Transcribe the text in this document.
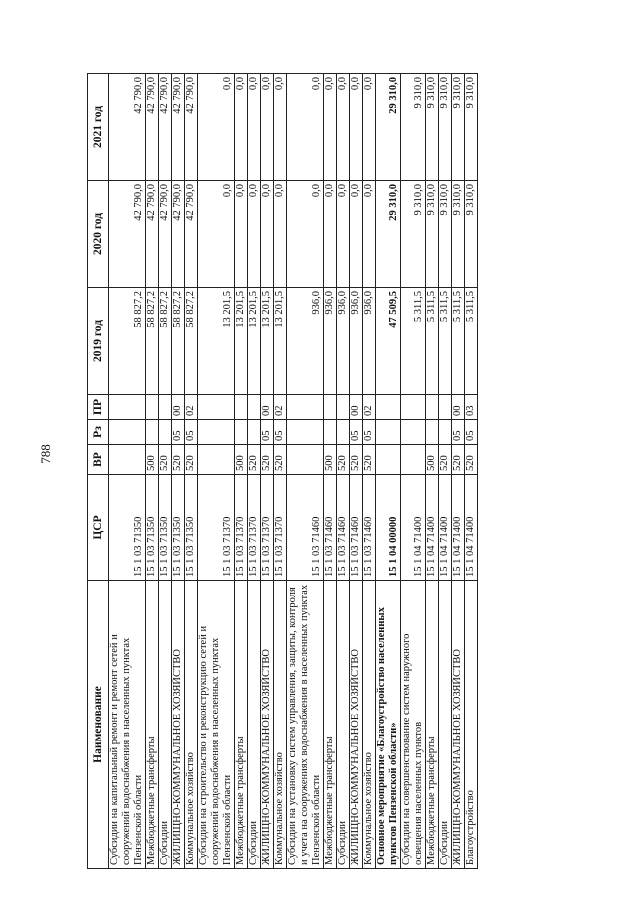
788
Наименование	ЦСР	ВР	Рз	ПР	2019 год	2020 год	2021 год
Субсидии на капитальный ремонт и ремонт сетей и сооружений водоснабжения в населенных пунктах Пензенской области	15 1 03 71350				58 827,2	42 790,0	42 790,0
Межбюджетные трансферты	15 1 03 71350	500			58 827,2	42 790,0	42 790,0
Субсидии	15 1 03 71350	520			58 827,2	42 790,0	42 790,0
ЖИЛИЩНО-КОММУНАЛЬНОЕ ХОЗЯЙСТВО	15 1 03 71350	520	05	00	58 827,2	42 790,0	42 790,0
Коммунальное хозяйство	15 1 03 71350	520	05	02	58 827,2	42 790,0	42 790,0
Субсидии на строительство и реконструкцию сетей и сооружений водоснабжения в населенных пунктах Пензенской области	15 1 03 71370				13 201,5	0,0	0,0
Межбюджетные трансферты	15 1 03 71370	500			13 201,5	0,0	0,0
Субсидии	15 1 03 71370	520			13 201,5	0,0	0,0
ЖИЛИЩНО-КОММУНАЛЬНОЕ ХОЗЯЙСТВО	15 1 03 71370	520	05	00	13 201,5	0,0	0,0
Коммунальное хозяйство	15 1 03 71370	520	05	02	13 201,5	0,0	0,0
Субсидии на установку систем управления, защиты, контроля и учета на сооружениях водоснабжения в населенных пунктах Пензенской области	15 1 03 71460				936,0	0,0	0,0
Межбюджетные трансферты	15 1 03 71460	500			936,0	0,0	0,0
Субсидии	15 1 03 71460	520			936,0	0,0	0,0
ЖИЛИЩНО-КОММУНАЛЬНОЕ ХОЗЯЙСТВО	15 1 03 71460	520	05	00	936,0	0,0	0,0
Коммунальное хозяйство	15 1 03 71460	520	05	02	936,0	0,0	0,0
Основное мероприятие «Благоустройство населенных пунктов Пензенской области»	15 1 04 00000				47 509,5	29 310,0	29 310,0
Субсидии на совершенствование систем наружного освещения населенных пунктов	15 1 04 71400				5 311,5	9 310,0	9 310,0
Межбюджетные трансферты	15 1 04 71400	500			5 311,5	9 310,0	9 310,0
Субсидии	15 1 04 71400	520			5 311,5	9 310,0	9 310,0
ЖИЛИЩНО-КОММУНАЛЬНОЕ ХОЗЯЙСТВО	15 1 04 71400	520	05	00	5 311,5	9 310,0	9 310,0
Благоустройство	15 1 04 71400	520	05	03	5 311,5	9 310,0	9 310,0
